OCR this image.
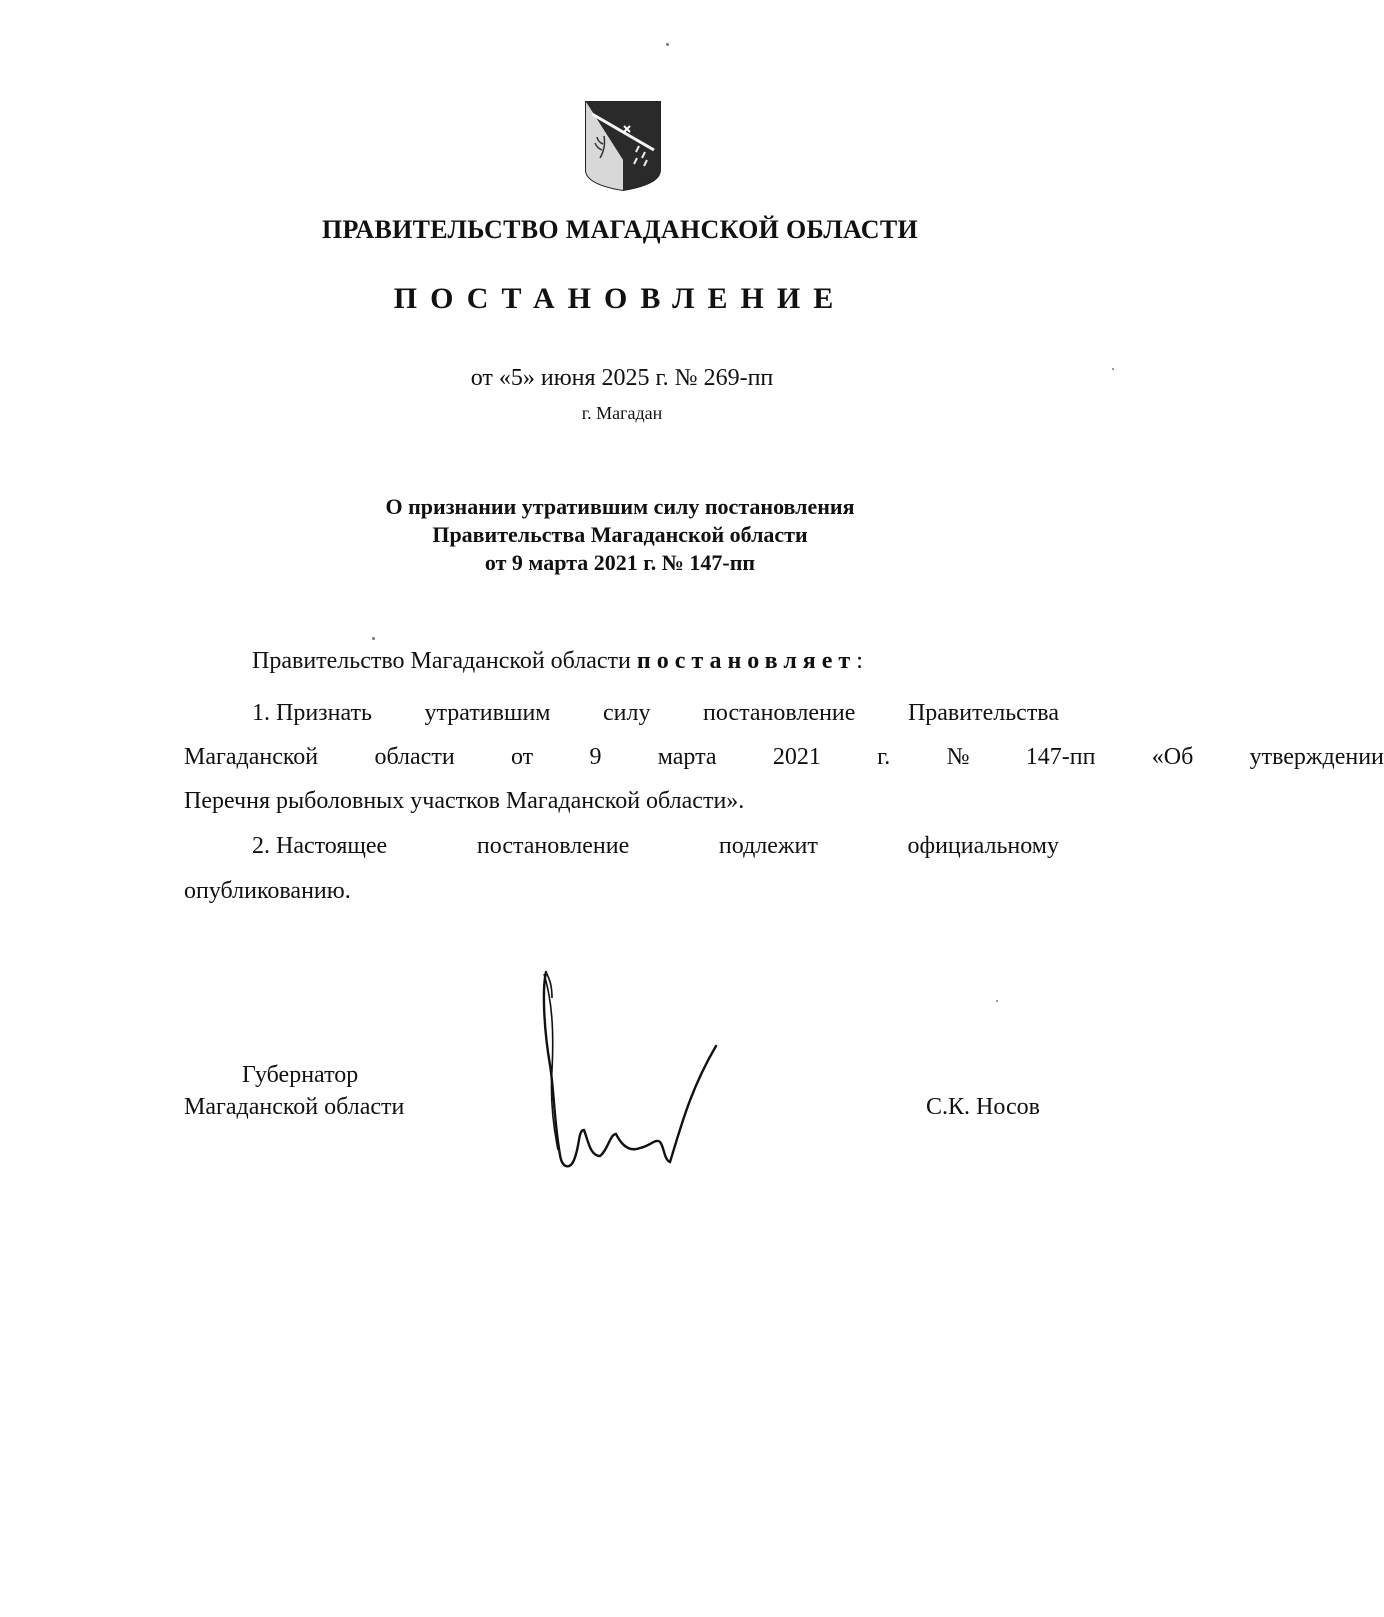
ПРАВИТЕЛЬСТВО МАГАДАНСКОЙ ОБЛАСТИ
ПОСТАНОВЛЕНИЕ
от «5» июня 2025 г. № 269-пп
г. Магадан
О признании утратившим силу постановления
Правительства Магаданской области
от 9 марта 2021 г. № 147-пп
Правительство Магаданской области постановляет:
1. Признать утратившим силу постановление Правительства
Магаданской области от 9 марта 2021 г. № 147-пп «Об утверждении
Перечня рыболовных участков Магаданской области».
2. Настоящее	постановление	подлежит	официальному
опубликованию.
Губернатор
Магаданской области	С.К. Носов
